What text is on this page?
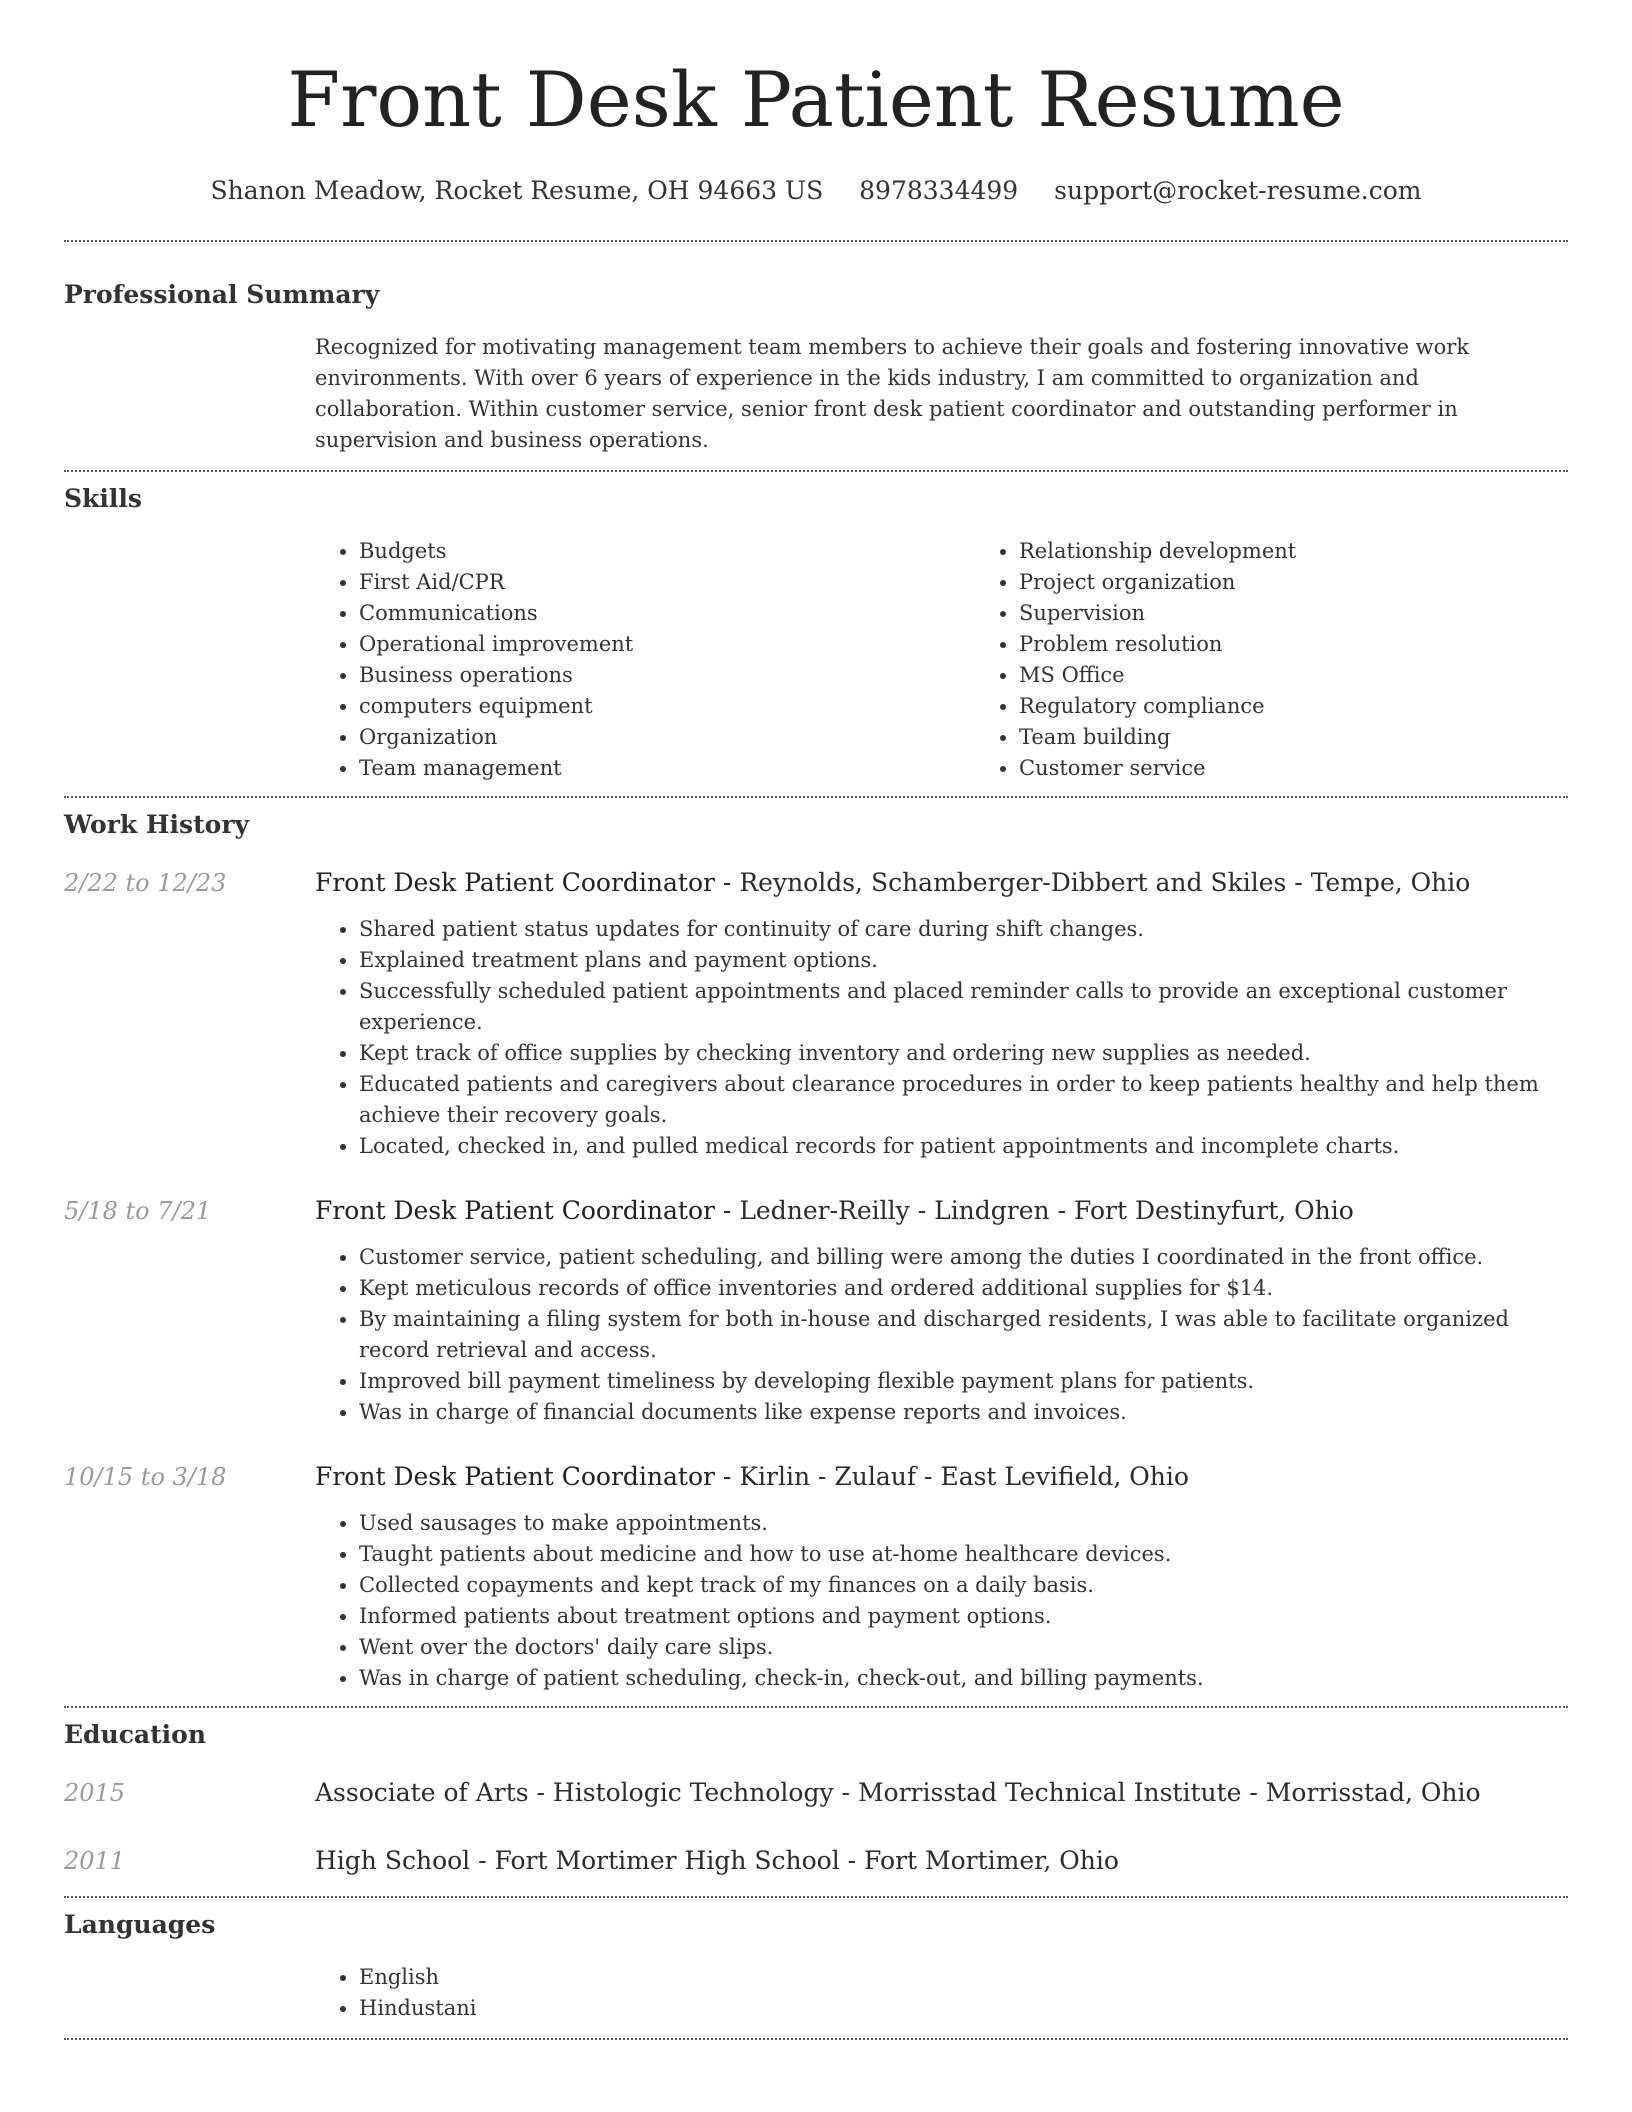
Front Desk Patient Resume
Shanon Meadow, Rocket Resume, OH 94663 US 8978334499 support@rocket-resume.com
Professional Summary

Recognized for motivating management team members to achieve their goals and fostering innovative work environments. With over 6 years of experience in the kids industry, I am committed to organization and collaboration. Within customer service, senior front desk patient coordinator and outstanding performer in supervision and business operations.

Skills
• Budgets
• First Aid/CPR
• Communications
• Operational improvement
• Business operations
• computers equipment
• Organization
• Team management
• Relationship development
• Project organization
• Supervision
• Problem resolution
• MS Office
• Regulatory compliance
• Team building
• Customer service
Work History
2/22 to 12/23	Front Desk Patient Coordinator - Reynolds, Schamberger-Dibbert and Skiles - Tempe, Ohio
• Shared patient status updates for continuity of care during shift changes.
• Explained treatment plans and payment options.
• Successfully scheduled patient appointments and placed reminder calls to provide an exceptional customer experience.
• Kept track of office supplies by checking inventory and ordering new supplies as needed.
• Educated patients and caregivers about clearance procedures in order to keep patients healthy and help them achieve their recovery goals.
• Located, checked in, and pulled medical records for patient appointments and incomplete charts.
5/18 to 7/21	Front Desk Patient Coordinator - Ledner-Reilly - Lindgren - Fort Destinyfurt, Ohio
• Customer service, patient scheduling, and billing were among the duties I coordinated in the front office.
• Kept meticulous records of office inventories and ordered additional supplies for $14.
• By maintaining a filing system for both in-house and discharged residents, I was able to facilitate organized record retrieval and access.
• Improved bill payment timeliness by developing flexible payment plans for patients.
• Was in charge of financial documents like expense reports and invoices.
10/15 to 3/18	Front Desk Patient Coordinator - Kirlin - Zulauf - East Levifield, Ohio
• Used sausages to make appointments.
• Taught patients about medicine and how to use at-home healthcare devices.
• Collected copayments and kept track of my finances on a daily basis.
• Informed patients about treatment options and payment options.
• Went over the doctors' daily care slips.
• Was in charge of patient scheduling, check-in, check-out, and billing payments.
Education
2015	Associate of Arts - Histologic Technology - Morrisstad Technical Institute - Morrisstad, Ohio
2011	High School - Fort Mortimer High School - Fort Mortimer, Ohio
Languages
• English
• Hindustani
